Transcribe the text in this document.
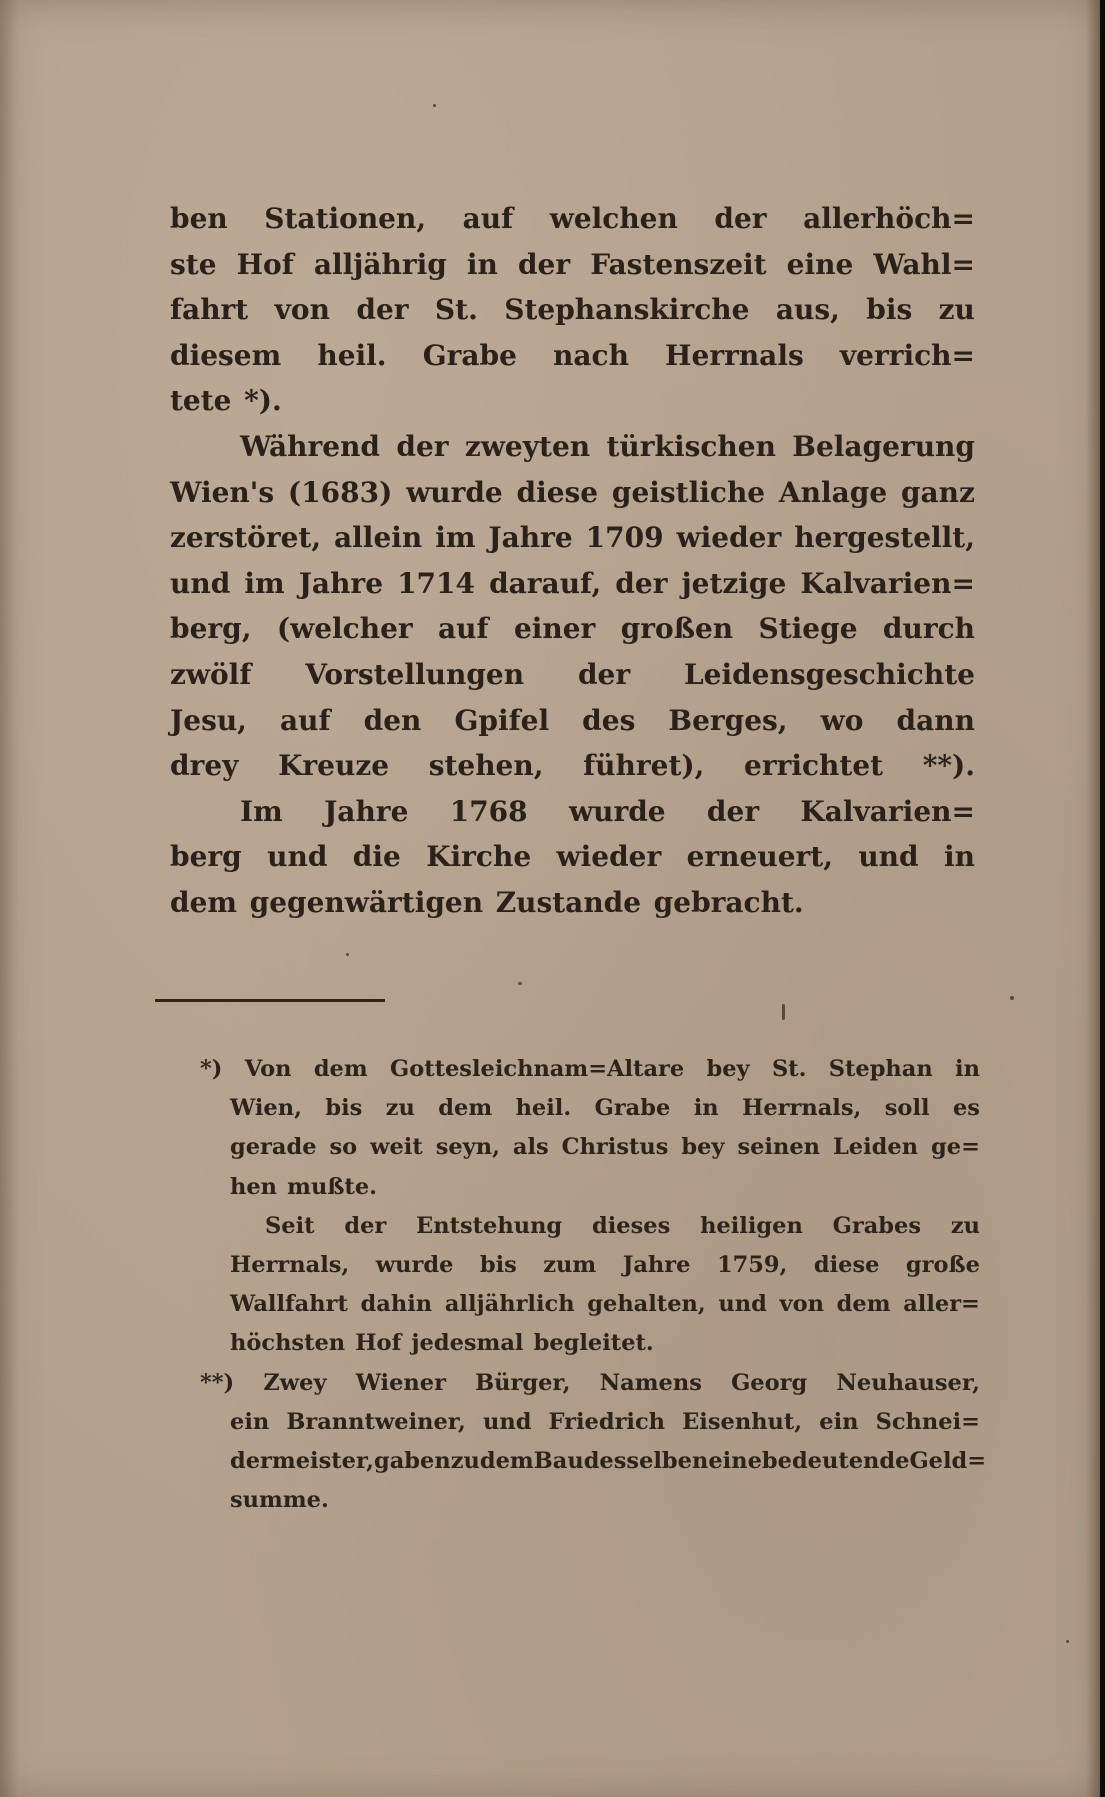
ben Stationen, auf welchen der allerhöch=
ste Hof alljährig in der Fastenszeit eine Wahl=
fahrt von der St. Stephanskirche aus, bis zu
diesem heil. Grabe nach Herrnals verrich=
tete *).
Während der zweyten türkischen Belagerung
Wien's (1683) wurde diese geistliche Anlage ganz
zerstöret, allein im Jahre 1709 wieder hergestellt,
und im Jahre 1714 darauf, der jetzige Kalvarien=
berg, (welcher auf einer großen Stiege durch
zwölf Vorstellungen der Leidensgeschichte
Jesu, auf den Gpifel des Berges, wo dann
drey Kreuze stehen, führet), errichtet **).
Im Jahre 1768 wurde der Kalvarien=
berg und die Kirche wieder erneuert, und in
dem gegenwärtigen Zustande gebracht.
*) Von dem Gottesleichnam=Altare bey St. Stephan in
Wien, bis zu dem heil. Grabe in Herrnals, soll es
gerade so weit seyn, als Christus bey seinen Leiden ge=
hen mußte.
Seit der Entstehung dieses heiligen Grabes zu
Herrnals, wurde bis zum Jahre 1759, diese große
Wallfahrt dahin alljährlich gehalten, und von dem aller=
höchsten Hof jedesmal begleitet.
**) Zwey Wiener Bürger, Namens Georg Neuhauser,
ein Branntweiner, und Friedrich Eisenhut, ein Schnei=
dermeister, gaben zu dem Bau desselben eine bedeutende Geld=
summe.
